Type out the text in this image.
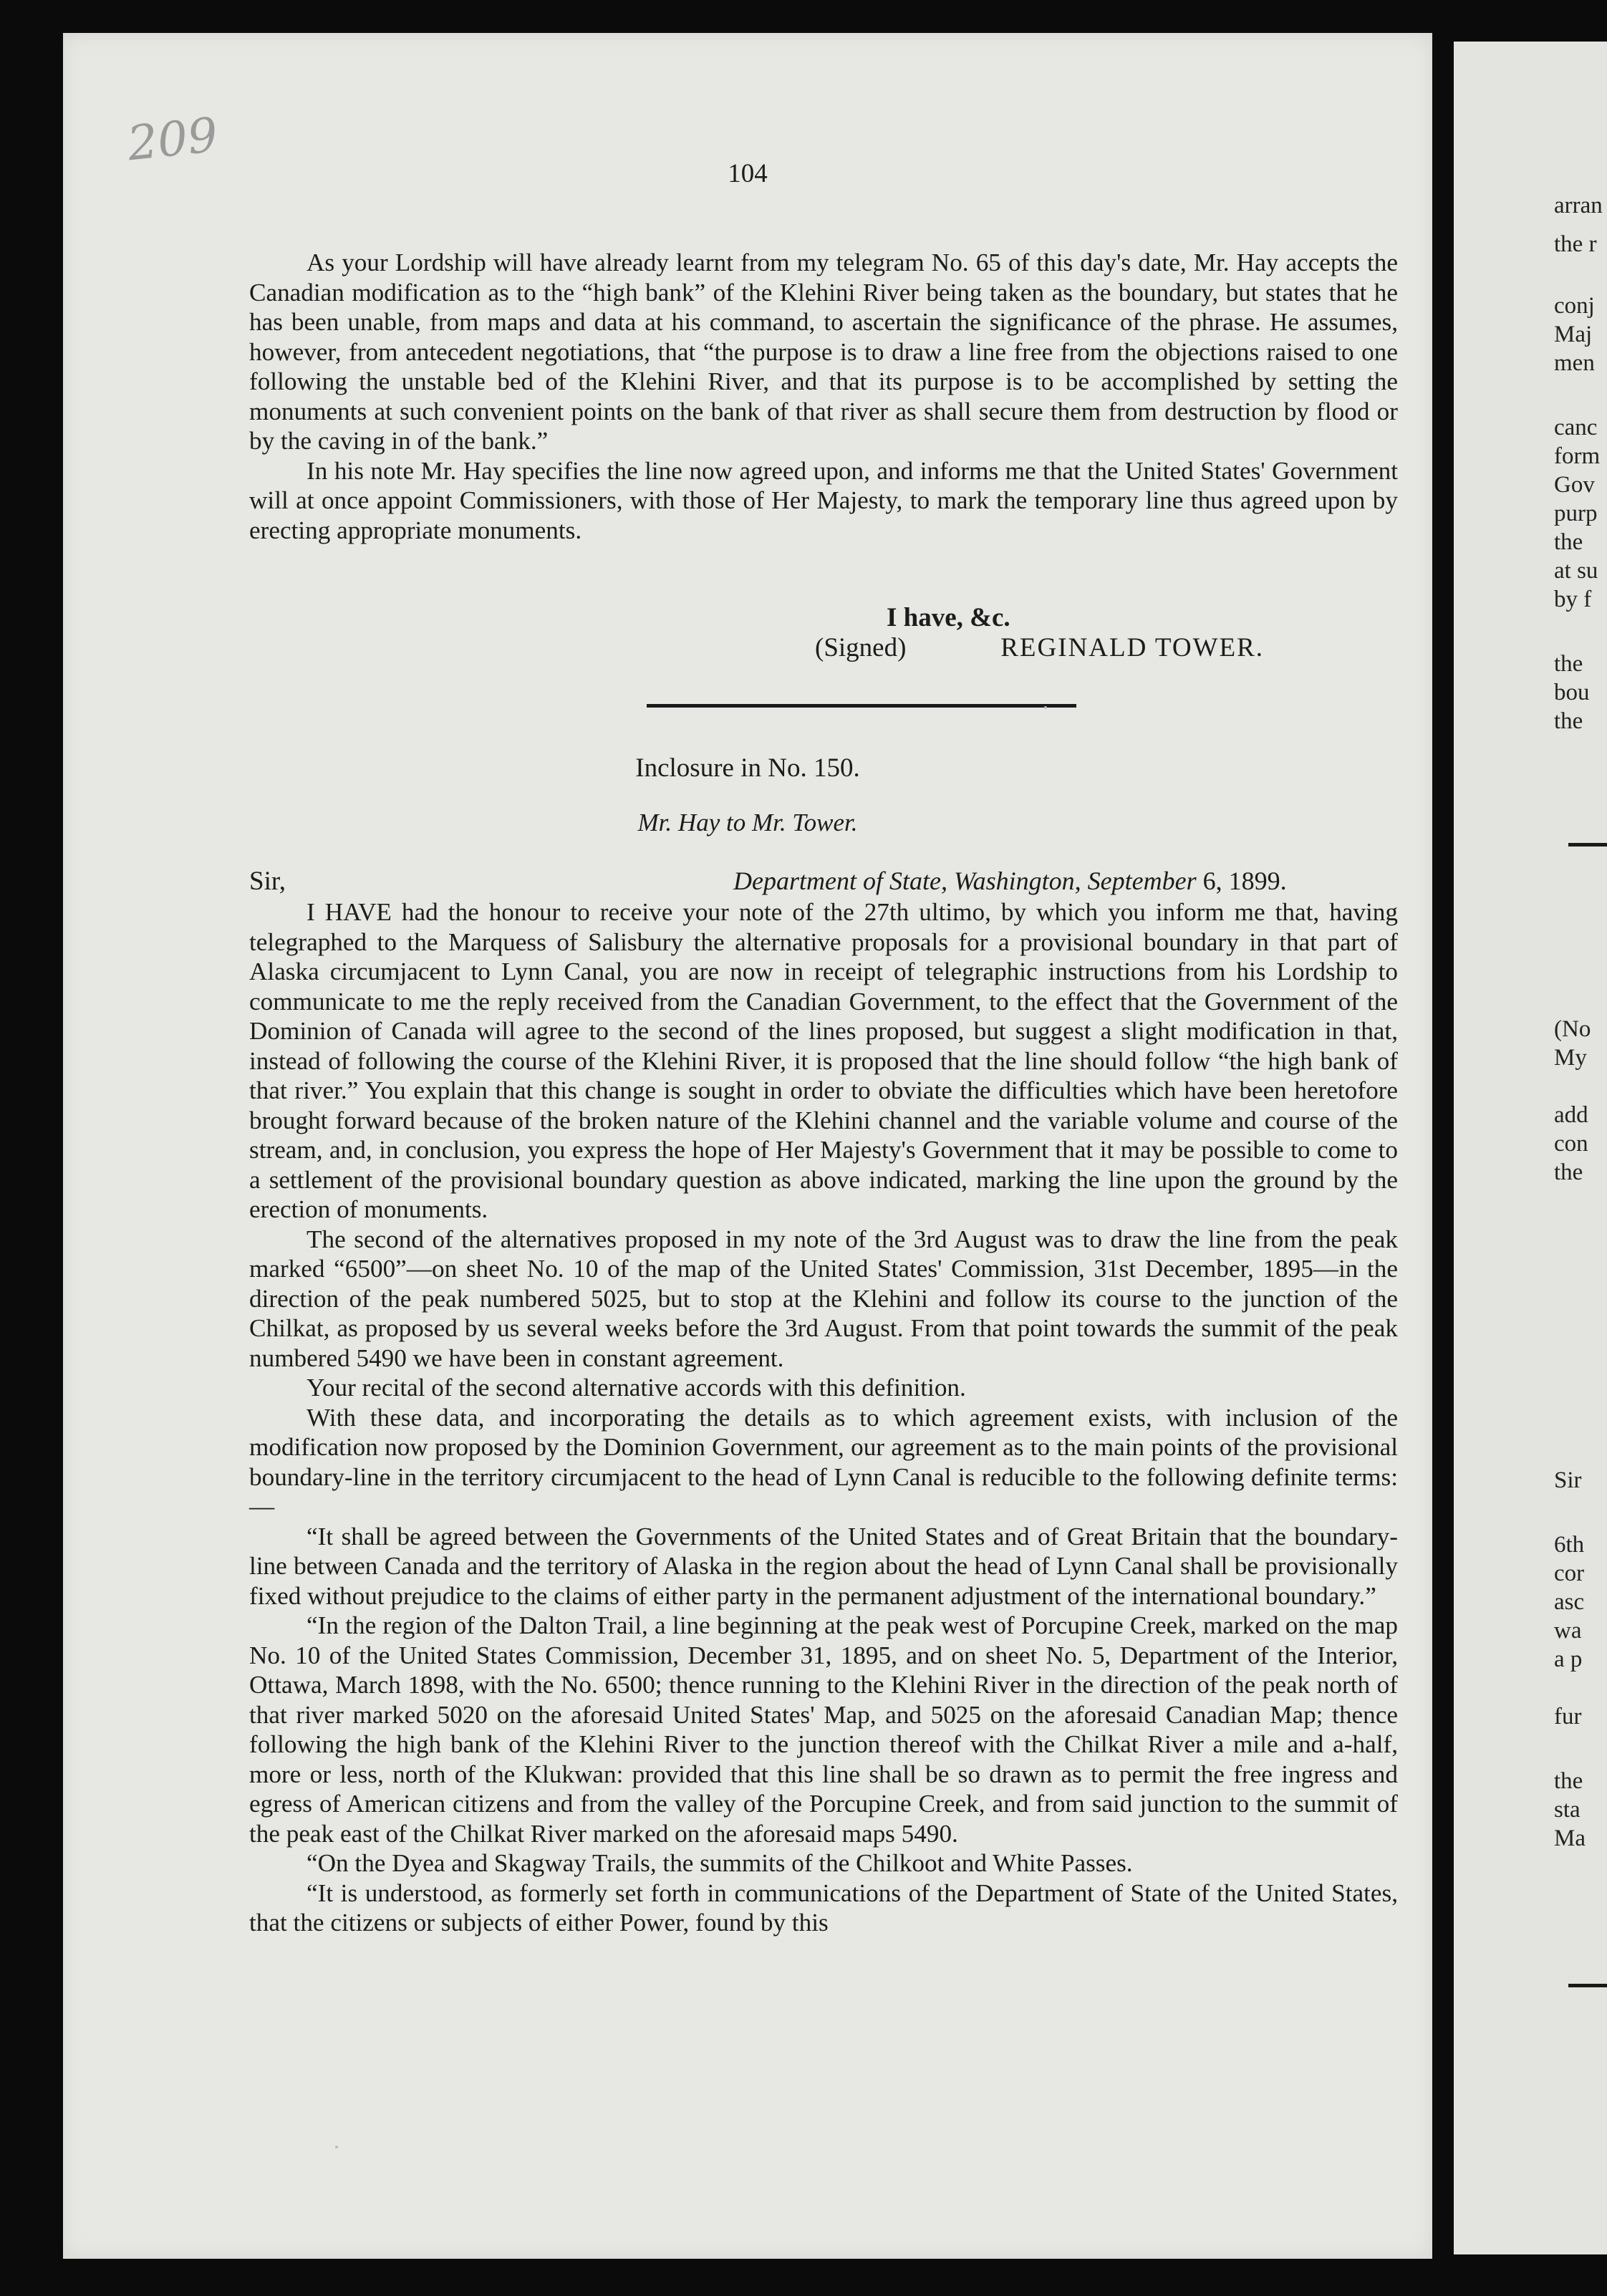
209
104

As your Lordship will have already learnt from my telegram No. 65 of this day's date, Mr. Hay accepts the Canadian modification as to the “high bank” of the Klehini River being taken as the boundary, but states that he has been unable, from maps and data at his command, to ascertain the significance of the phrase. He assumes, however, from antecedent negotiations, that “the purpose is to draw a line free from the objections raised to one following the unstable bed of the Klehini River, and that its purpose is to be accomplished by setting the monuments at such convenient points on the bank of that river as shall secure them from destruction by flood or by the caving in of the bank.”

In his note Mr. Hay specifies the line now agreed upon, and informs me that the United States' Government will at once appoint Commissioners, with those of Her Majesty, to mark the temporary line thus agreed upon by erecting appropriate monuments.

I have, &c.
(Signed)	REGINALD TOWER.
Inclosure in No. 150.
Mr. Hay to Mr. Tower.
Sir,	Department of State, Washington, September 6, 1899.

I HAVE had the honour to receive your note of the 27th ultimo, by which you inform me that, having telegraphed to the Marquess of Salisbury the alternative proposals for a provisional boundary in that part of Alaska circumjacent to Lynn Canal, you are now in receipt of telegraphic instructions from his Lordship to communicate to me the reply received from the Canadian Government, to the effect that the Government of the Dominion of Canada will agree to the second of the lines proposed, but suggest a slight modification in that, instead of following the course of the Klehini River, it is proposed that the line should follow “the high bank of that river.” You explain that this change is sought in order to obviate the difficulties which have been heretofore brought forward because of the broken nature of the Klehini channel and the variable volume and course of the stream, and, in conclusion, you express the hope of Her Majesty's Government that it may be possible to come to a settlement of the provisional boundary question as above indicated, marking the line upon the ground by the erection of monuments.

The second of the alternatives proposed in my note of the 3rd August was to draw the line from the peak marked “6500”—on sheet No. 10 of the map of the United States' Commission, 31st December, 1895—in the direction of the peak numbered 5025, but to stop at the Klehini and follow its course to the junction of the Chilkat, as proposed by us several weeks before the 3rd August. From that point towards the summit of the peak numbered 5490 we have been in constant agreement.

Your recital of the second alternative accords with this definition.

With these data, and incorporating the details as to which agreement exists, with inclusion of the modification now proposed by the Dominion Government, our agreement as to the main points of the provisional boundary-line in the territory circumjacent to the head of Lynn Canal is reducible to the following definite terms:—

“It shall be agreed between the Governments of the United States and of Great Britain that the boundary-line between Canada and the territory of Alaska in the region about the head of Lynn Canal shall be provisionally fixed without prejudice to the claims of either party in the permanent adjustment of the international boundary.”

“In the region of the Dalton Trail, a line beginning at the peak west of Porcupine Creek, marked on the map No. 10 of the United States Commission, December 31, 1895, and on sheet No. 5, Department of the Interior, Ottawa, March 1898, with the No. 6500; thence running to the Klehini River in the direction of the peak north of that river marked 5020 on the aforesaid United States' Map, and 5025 on the aforesaid Canadian Map; thence following the high bank of the Klehini River to the junction thereof with the Chilkat River a mile and a-half, more or less, north of the Klukwan: provided that this line shall be so drawn as to permit the free ingress and egress of American citizens and from the valley of the Porcupine Creek, and from said junction to the summit of the peak east of the Chilkat River marked on the aforesaid maps 5490.

“On the Dyea and Skagway Trails, the summits of the Chilkoot and White Passes.

“It is understood, as formerly set forth in communications of the Department of State of the United States, that the citizens or subjects of either Power, found by this

arran
the r
conj
Maj
men
canc
form
Gov
purp
the
at su
by f
the
bou
the
(No
My
add
con
the
Sir
6th
cor
asc
wa
a p
fur
the
sta
Ma
